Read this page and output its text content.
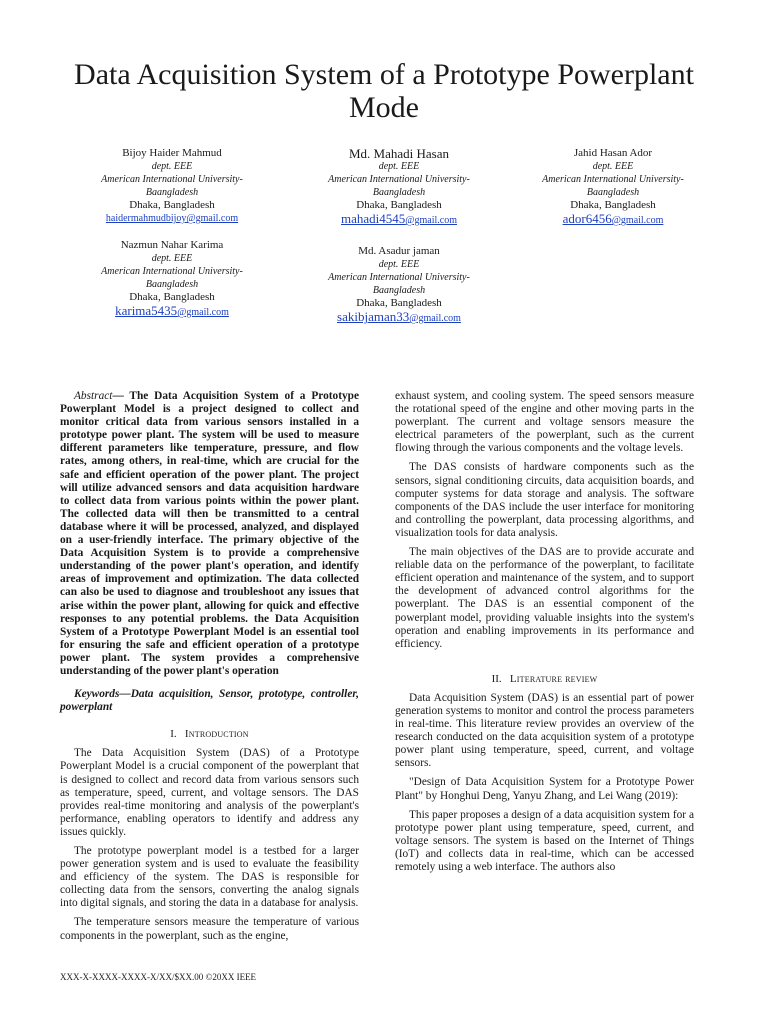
Data Acquisition System of a Prototype Powerplant Mode
Bijoy Haider Mahmud
dept. EEE
American International University-
Baangladesh
Dhaka, Bangladesh
haidermahmudbijoy@gmail.com
Md. Mahadi Hasan
dept. EEE
American International University-
Baangladesh
Dhaka, Bangladesh
mahadi4545@gmail.com
Jahid Hasan Ador
dept. EEE
American International University-
Baangladesh
Dhaka, Bangladesh
ador6456@gmail.com
Nazmun Nahar Karima
dept. EEE
American International University-
Baangladesh
Dhaka, Bangladesh
karima5435@gmail.com
Md. Asadur jaman
dept. EEE
American International University-
Baangladesh
Dhaka, Bangladesh
sakibjaman33@gmail.com

Abstract— The Data Acquisition System of a Prototype Powerplant Model is a project designed to collect and monitor critical data from various sensors installed in a prototype power plant. The system will be used to measure different parameters like temperature, pressure, and flow rates, among others, in real-time, which are crucial for the safe and efficient operation of the power plant. The project will utilize advanced sensors and data acquisition hardware to collect data from various points within the power plant. The collected data will then be transmitted to a central database where it will be processed, analyzed, and displayed on a user-friendly interface. The primary objective of the Data Acquisition System is to provide a comprehensive understanding of the power plant's operation, and identify areas of improvement and optimization. The data collected can also be used to diagnose and troubleshoot any issues that arise within the power plant, allowing for quick and effective responses to any potential problems. the Data Acquisition System of a Prototype Powerplant Model is an essential tool for ensuring the safe and efficient operation of a prototype power plant. The system provides a comprehensive understanding of the power plant's operation

Keywords—Data acquisition, Sensor, prototype, controller, powerplant

I. Introduction

The Data Acquisition System (DAS) of a Prototype Powerplant Model is a crucial component of the powerplant that is designed to collect and record data from various sensors such as temperature, speed, current, and voltage sensors. The DAS provides real-time monitoring and analysis of the powerplant's performance, enabling operators to identify and address any issues quickly.

The prototype powerplant model is a testbed for a larger power generation system and is used to evaluate the feasibility and efficiency of the system. The DAS is responsible for collecting data from the sensors, converting the analog signals into digital signals, and storing the data in a database for analysis.

The temperature sensors measure the temperature of various components in the powerplant, such as the engine,

exhaust system, and cooling system. The speed sensors measure the rotational speed of the engine and other moving parts in the powerplant. The current and voltage sensors measure the electrical parameters of the powerplant, such as the current flowing through the various components and the voltage levels.

The DAS consists of hardware components such as the sensors, signal conditioning circuits, data acquisition boards, and computer systems for data storage and analysis. The software components of the DAS include the user interface for monitoring and controlling the powerplant, data processing algorithms, and visualization tools for data analysis.

The main objectives of the DAS are to provide accurate and reliable data on the performance of the powerplant, to facilitate efficient operation and maintenance of the system, and to support the development of advanced control algorithms for the powerplant. The DAS is an essential component of the powerplant model, providing valuable insights into the system's operation and enabling improvements in its performance and efficiency.

II. Literature review

Data Acquisition System (DAS) is an essential part of power generation systems to monitor and control the process parameters in real-time. This literature review provides an overview of the research conducted on the data acquisition system of a prototype power plant using temperature, speed, current, and voltage sensors.

"Design of Data Acquisition System for a Prototype Power Plant" by Honghui Deng, Yanyu Zhang, and Lei Wang (2019):

This paper proposes a design of a data acquisition system for a prototype power plant using temperature, speed, current, and voltage sensors. The system is based on the Internet of Things (IoT) and collects data in real-time, which can be accessed remotely using a web interface. The authors also

XXX-X-XXXX-XXXX-X/XX/$XX.00 ©20XX IEEE
